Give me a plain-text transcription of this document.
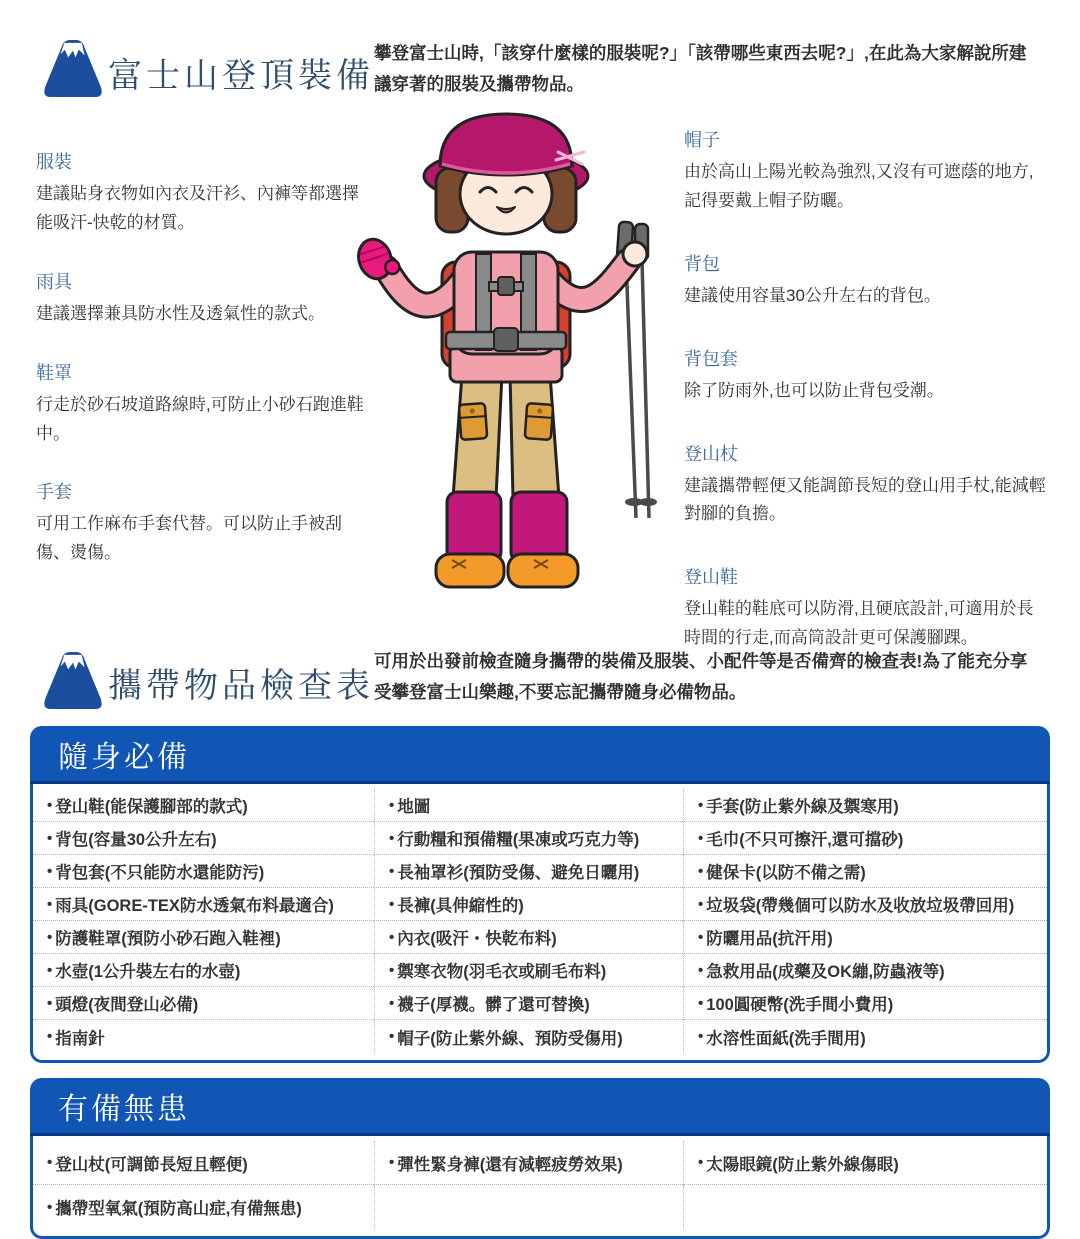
富士山登頂裝備
攀登富士山時,「該穿什麼樣的服裝呢?」「該帶哪些東西去呢?」,在此為大家解說所建議穿著的服裝及攜帶物品。
服裝
建議貼身衣物如內衣及汗衫、內褲等都選擇能吸汗-快乾的材質。
雨具
建議選擇兼具防水性及透氣性的款式。
鞋罩
行走於砂石坡道路線時,可防止小砂石跑進鞋中。
手套
可用工作麻布手套代替。可以防止手被刮傷、燙傷。
帽子
由於高山上陽光較為強烈,又沒有可遮蔭的地方,記得要戴上帽子防曬。
背包
建議使用容量30公升左右的背包。
背包套
除了防雨外,也可以防止背包受潮。
登山杖
建議攜帶輕便又能調節長短的登山用手杖,能減輕對腳的負擔。
登山鞋
登山鞋的鞋底可以防滑,且硬底設計,可適用於長時間的行走,而高筒設計更可保護腳踝。
攜帶物品檢查表
可用於出發前檢查隨身攜帶的裝備及服裝、小配件等是否備齊的檢查表!為了能充分享受攀登富士山樂趣,不要忘記攜帶隨身必備物品。
隨身必備
• 登山鞋(能保護腳部的款式)	• 地圖	• 手套(防止紫外線及禦寒用)
• 背包(容量30公升左右)	• 行動糧和預備糧(果凍或巧克力等)	• 毛巾(不只可擦汗,還可擋砂)
• 背包套(不只能防水還能防污)	• 長袖罩衫(預防受傷、避免日曬用)	• 健保卡(以防不備之需)
• 雨具(GORE-TEX防水透氣布料最適合)	• 長褲(具伸縮性的)	• 垃圾袋(帶幾個可以防水及收放垃圾帶回用)
• 防護鞋罩(預防小砂石跑入鞋裡)	• 內衣(吸汗・快乾布料)	• 防曬用品(抗汗用)
• 水壺(1公升裝左右的水壺)	• 禦寒衣物(羽毛衣或刷毛布料)	• 急救用品(成藥及OK繃,防蟲液等)
• 頭燈(夜間登山必備)	• 襪子(厚襪。髒了還可替換)	• 100圓硬幣(洗手間小費用)
• 指南針	• 帽子(防止紫外線、預防受傷用)	• 水溶性面紙(洗手間用)
有備無患
• 登山杖(可調節長短且輕便)	• 彈性緊身褲(還有減輕疲勞效果)	• 太陽眼鏡(防止紫外線傷眼)
• 攜帶型氧氣(預防高山症,有備無患)
